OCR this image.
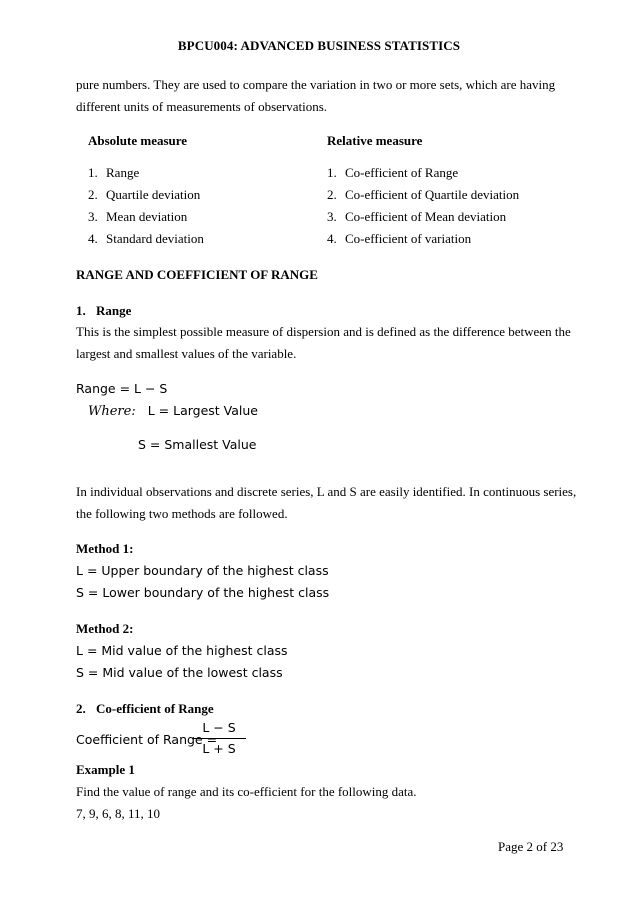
BPCU004: ADVANCED BUSINESS STATISTICS
pure numbers. They are used to compare the variation in two or more sets, which are having
different units of measurements of observations.
Absolute measure	Relative measure
1. Range
2. Quartile deviation
3. Mean deviation
4. Standard deviation
1. Co-efficient of Range
2. Co-efficient of Quartile deviation
3. Co-efficient of Mean deviation
4. Co-efficient of variation
RANGE AND COEFFICIENT OF RANGE
1. Range
This is the simplest possible measure of dispersion and is defined as the difference between the
largest and smallest values of the variable.
Range = L − S
Where: L = Largest Value
S = Smallest Value
In individual observations and discrete series, L and S are easily identified. In continuous series,
the following two methods are followed.
Method 1:
L = Upper boundary of the highest class
S = Lower boundary of the highest class
Method 2:
L = Mid value of the highest class
S = Mid value of the lowest class
2. Co-efficient of Range
Coefficient of Range =
L − S
L + S
Example 1
Find the value of range and its co-efficient for the following data.
7, 9, 6, 8, 11, 10
Page 2 of 23
